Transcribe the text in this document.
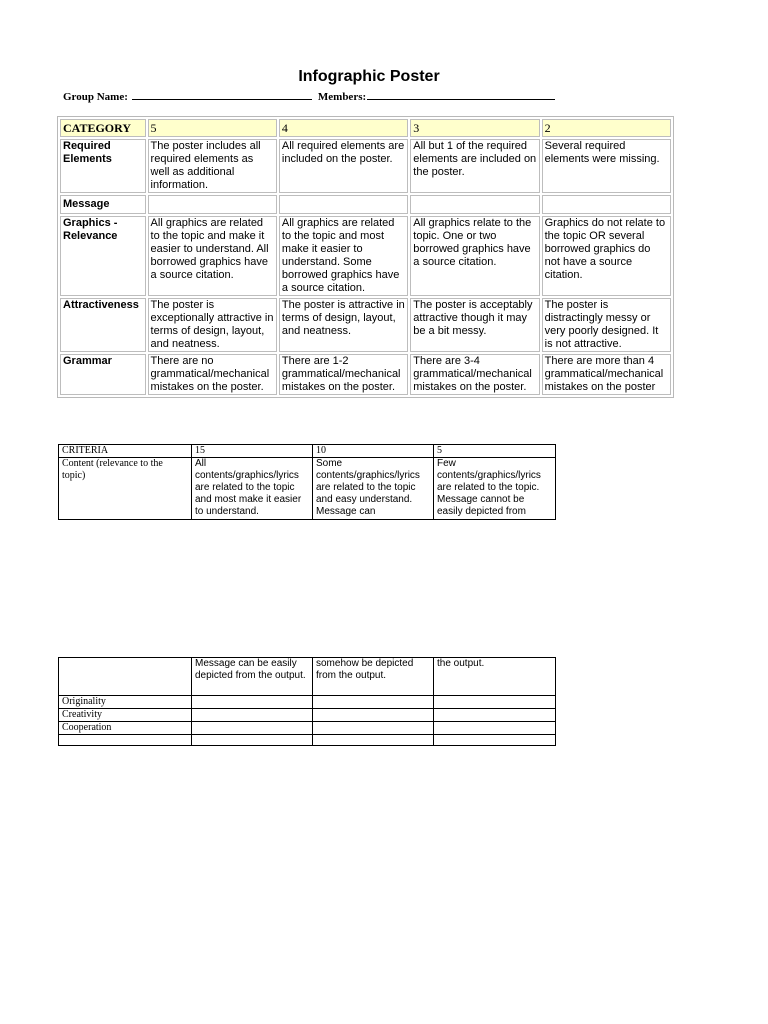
Infographic Poster
Group Name:	Members:
CATEGORY	5	4	3	2
Required Elements	The poster includes all required elements as well as additional information.	All required elements are included on the poster.	All but 1 of the required elements are included on the poster.	Several required elements were missing.
Message				
Graphics - Relevance	All graphics are related to the topic and make it easier to understand. All borrowed graphics have a source citation.	All graphics are related to the topic and most make it easier to understand. Some borrowed graphics have a source citation.	All graphics relate to the topic. One or two borrowed graphics have a source citation.	Graphics do not relate to the topic OR several borrowed graphics do not have a source citation.
Attractiveness	The poster is exceptionally attractive in terms of design, layout, and neatness.	The poster is attractive in terms of design, layout, and neatness.	The poster is acceptably attractive though it may be a bit messy.	The poster is distractingly messy or very poorly designed. It is not attractive.
Grammar	There are no grammatical/mechanical mistakes on the poster.	There are 1-2 grammatical/mechanical mistakes on the poster.	There are 3-4 grammatical/mechanical mistakes on the poster.	There are more than 4 grammatical/mechanical mistakes on the poster
CRITERIA	15	10	5
Content (relevance to the topic)	All contents/graphics/lyrics are related to the topic and most make it easier to understand.	Some contents/graphics/lyrics are related to the topic and easy understand. Message can	Few contents/graphics/lyrics are related to the topic. Message cannot be easily depicted from
	Message can be easily depicted from the output.	somehow be depicted from the output.	the output.
Originality			
Creativity			
Cooperation			
